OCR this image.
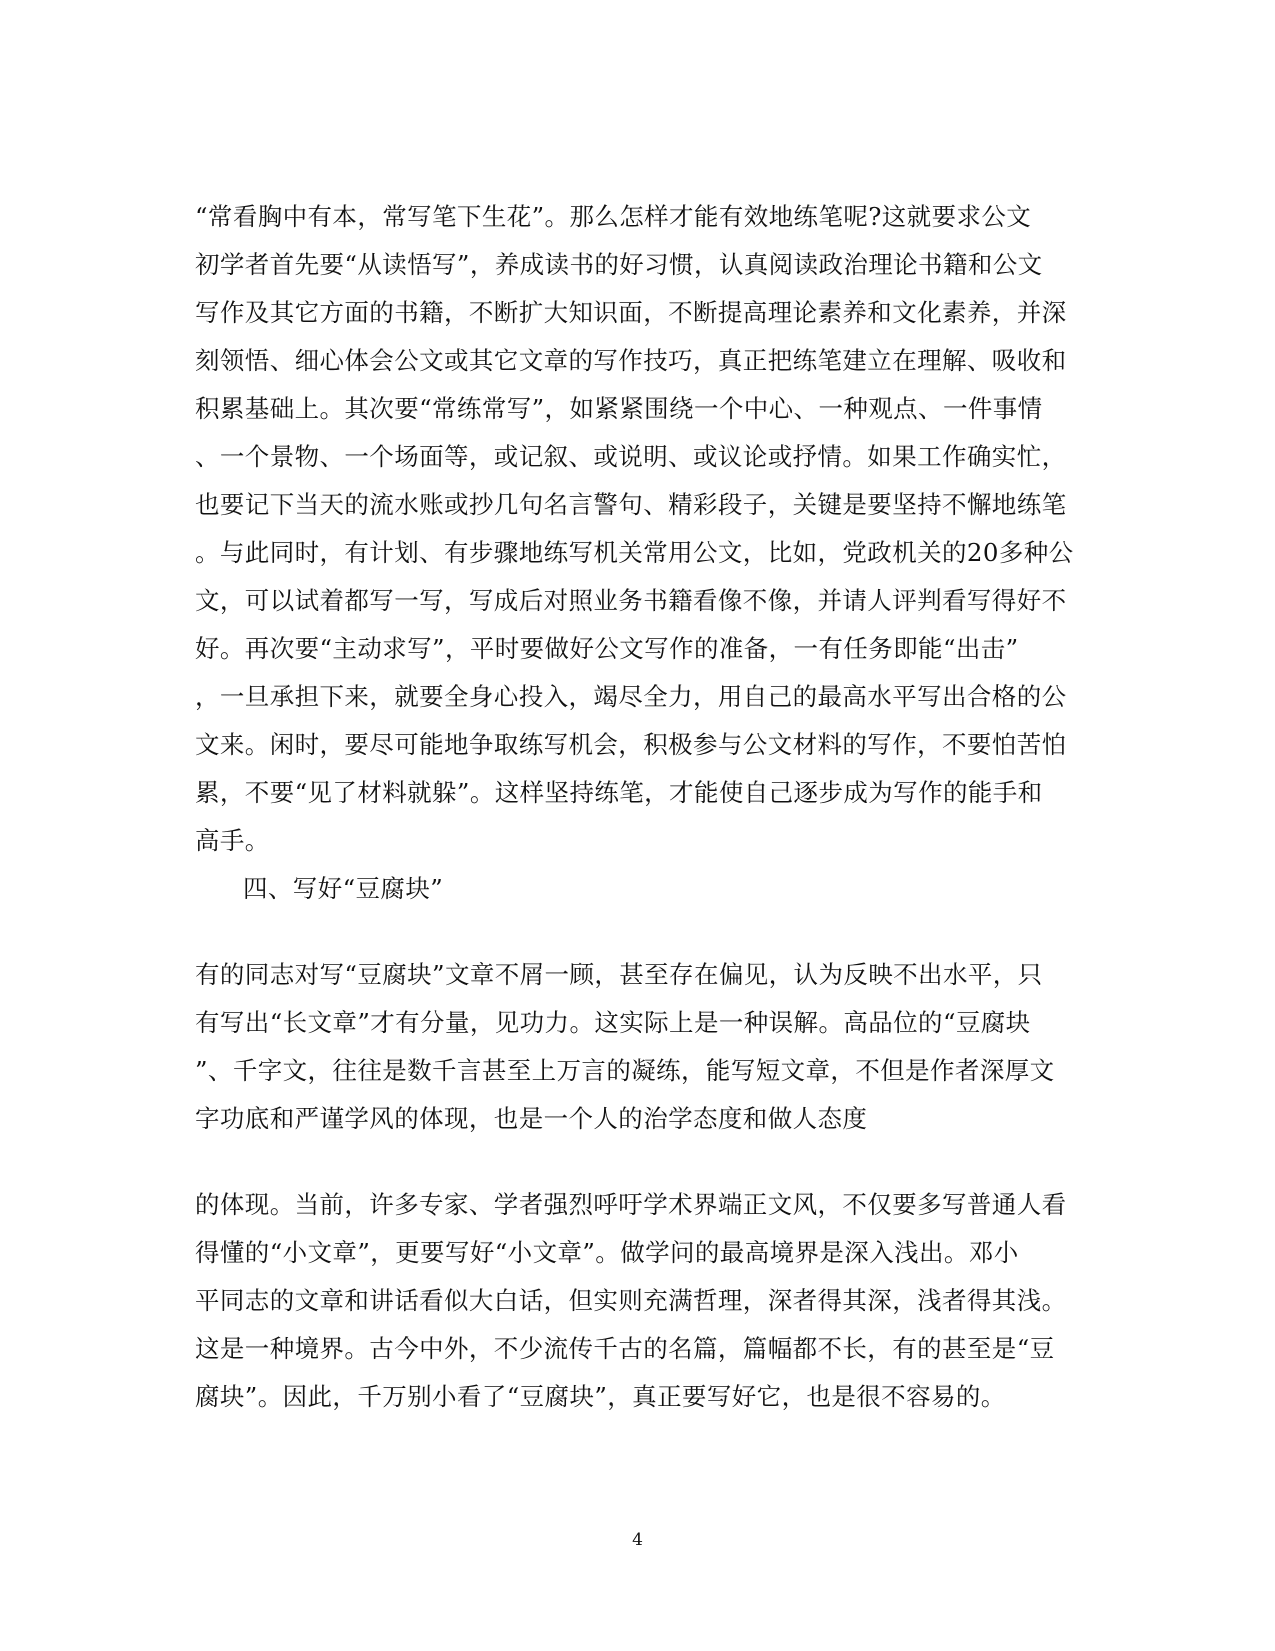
“常看胸中有本，常写笔下生花”。那么怎样才能有效地练笔呢?这就要求公文
初学者首先要“从读悟写”，养成读书的好习惯，认真阅读政治理论书籍和公文
写作及其它方面的书籍，不断扩大知识面，不断提高理论素养和文化素养，并深
刻领悟、细心体会公文或其它文章的写作技巧，真正把练笔建立在理解、吸收和
积累基础上。其次要“常练常写”，如紧紧围绕一个中心、一种观点、一件事情
、一个景物、一个场面等，或记叙、或说明、或议论或抒情。如果工作确实忙，
也要记下当天的流水账或抄几句名言警句、精彩段子，关键是要坚持不懈地练笔
。与此同时，有计划、有步骤地练写机关常用公文，比如，党政机关的20多种公
文，可以试着都写一写，写成后对照业务书籍看像不像，并请人评判看写得好不
好。再次要“主动求写”，平时要做好公文写作的准备，一有任务即能“出击”
，一旦承担下来，就要全身心投入，竭尽全力，用自己的最高水平写出合格的公
文来。闲时，要尽可能地争取练写机会，积极参与公文材料的写作，不要怕苦怕
累，不要“见了材料就躲”。这样坚持练笔，才能使自己逐步成为写作的能手和
高手。
四、写好“豆腐块”
有的同志对写“豆腐块”文章不屑一顾，甚至存在偏见，认为反映不出水平，只
有写出“长文章”才有分量，见功力。这实际上是一种误解。高品位的“豆腐块
”、千字文，往往是数千言甚至上万言的凝练，能写短文章，不但是作者深厚文
字功底和严谨学风的体现，也是一个人的治学态度和做人态度
的体现。当前，许多专家、学者强烈呼吁学术界端正文风，不仅要多写普通人看
得懂的“小文章”，更要写好“小文章”。做学问的最高境界是深入浅出。邓小
平同志的文章和讲话看似大白话，但实则充满哲理，深者得其深，浅者得其浅。
这是一种境界。古今中外，不少流传千古的名篇，篇幅都不长，有的甚至是“豆
腐块”。因此，千万别小看了“豆腐块”，真正要写好它，也是很不容易的。
4
